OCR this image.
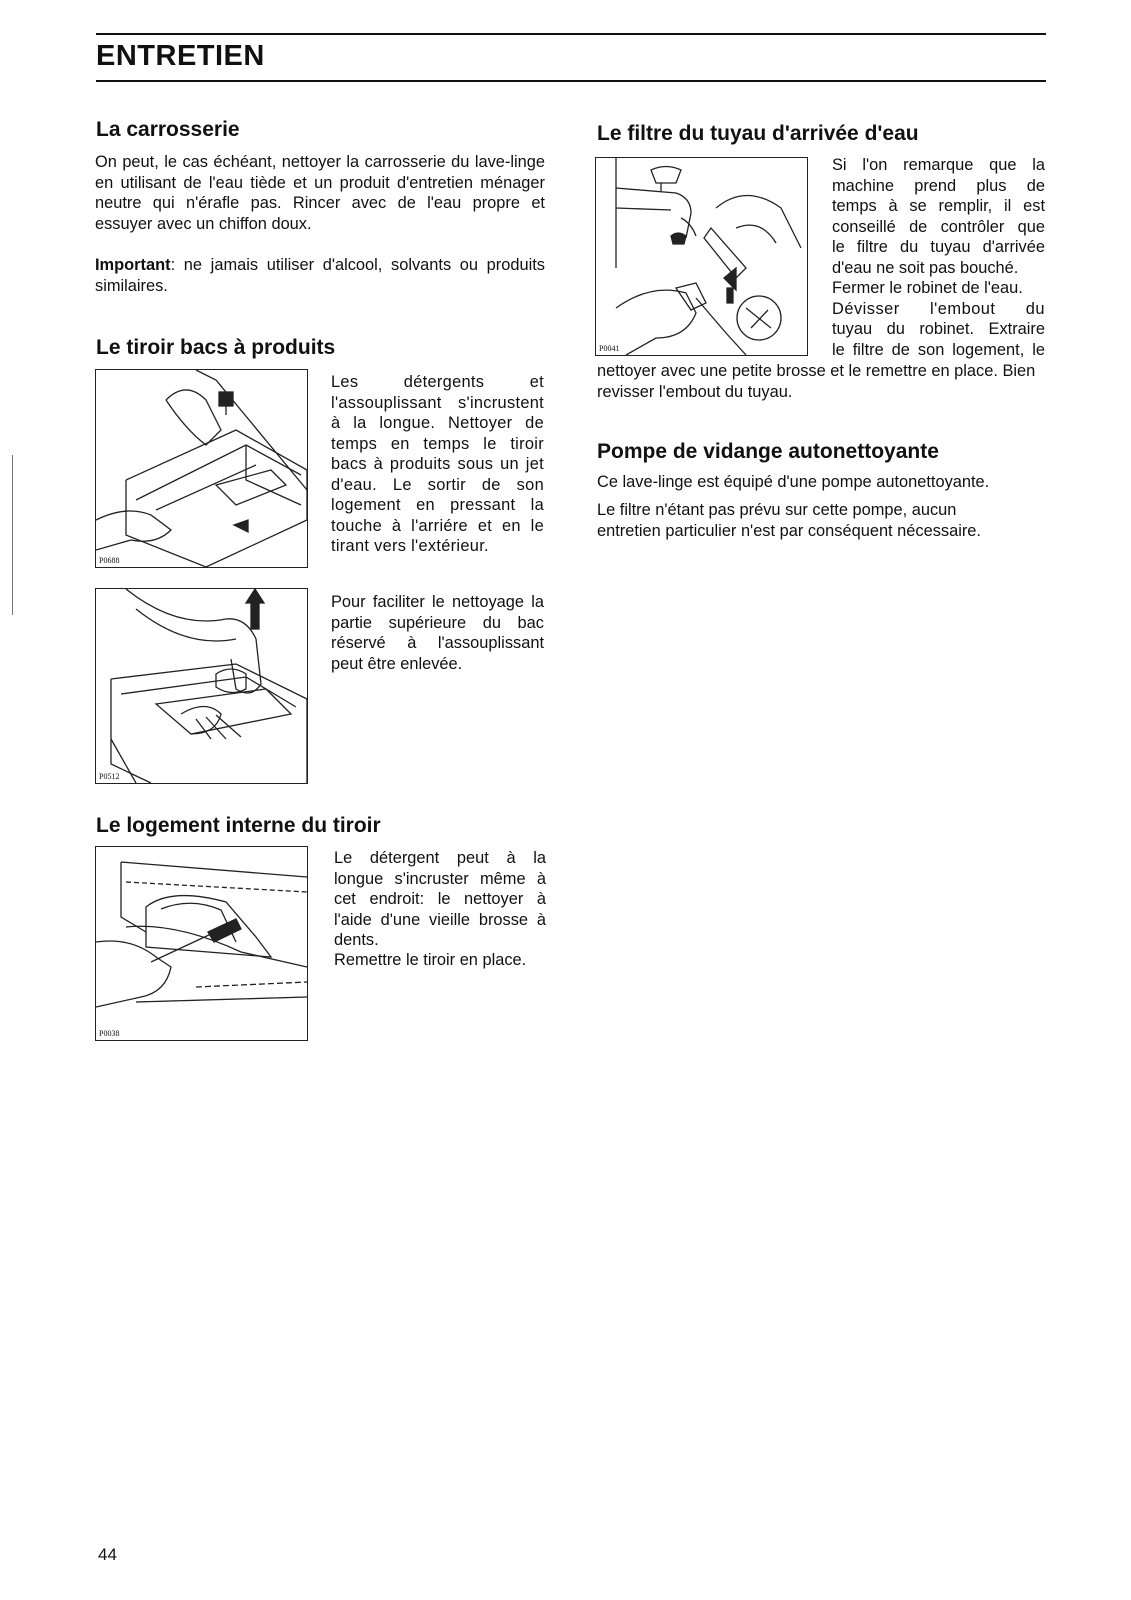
ENTRETIEN
La carrosserie

On peut, le cas échéant, nettoyer la carrosserie du lave-linge en utilisant de l'eau tiède et un produit d'entretien ménager neutre qui n'érafle pas. Rincer avec de l'eau propre et essuyer avec un chiffon doux.

Important: ne jamais utiliser d'alcool, solvants ou produits similaires.

Le tiroir bacs à produits
P0688

Les détergents et l'assouplissant s'incrustent à la longue. Nettoyer de temps en temps le tiroir bacs à produits sous un jet d'eau. Le sortir de son logement en pressant la touche à l'arriére et en le tirant vers l'extérieur.

P0512

Pour faciliter le nettoyage la partie supérieure du bac réservé à l'assouplissant peut être enlevée.

Le logement interne du tiroir
P0038

Le détergent peut à la longue s'incruster même à cet endroit: le nettoyer à l'aide d'une vieille brosse à dents.

Remettre le tiroir en place.

Le filtre du tuyau d'arrivée d'eau
P0041
Si l'on remarque que la
machine prend plus de
temps à se remplir, il est
conseillé de contrôler que
le filtre du tuyau d'arrivée
d'eau ne soit pas bouché.
Fermer le robinet de l'eau.
Dévisser l'embout du
tuyau du robinet. Extraire
le filtre de son logement, le

nettoyer avec une petite brosse et le remettre en place. Bien revisser l'embout du tuyau.

Pompe de vidange autonettoyante

Ce lave-linge est équipé d'une pompe autonettoyante.

Le filtre n'étant pas prévu sur cette pompe, aucun entretien particulier n'est par conséquent nécessaire.

44
